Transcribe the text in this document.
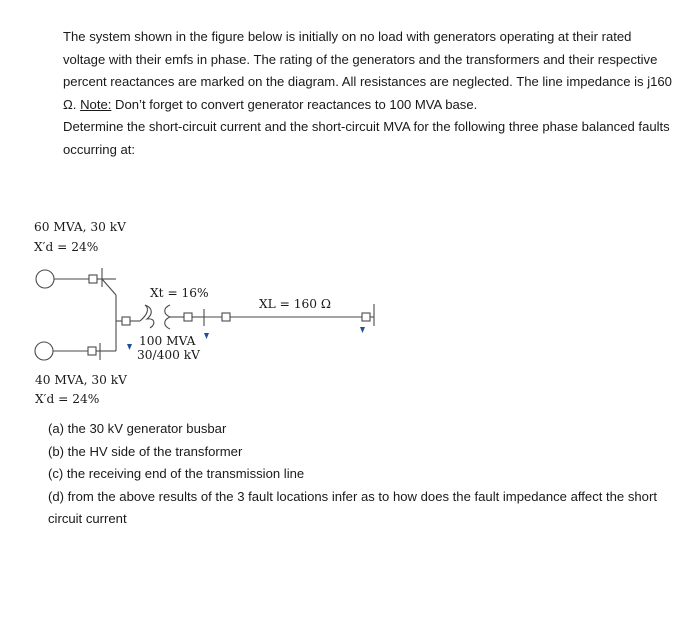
The system shown in the figure below is initially on no load with generators operating at their rated voltage with their emfs in phase. The rating of the generators and the transformers and their respective percent reactances are marked on the diagram. All resistances are neglected. The line impedance is j160 Ω. Note: Don’t forget to convert generator reactances to 100 MVA base.

Determine the short-circuit current and the short-circuit MVA for the following three phase balanced faults occurring at:

60 MVA, 30 kV
X′d = 24%
Xt = 16%
XL = 160 Ω
100 MVA
30/400 kV
40 MVA, 30 kV
X′d = 24%
(a) the 30 kV generator busbar
(b) the HV side of the transformer
(c) the receiving end of the transmission line
(d) from the above results of the 3 fault locations infer as to how does the fault impedance affect the short circuit current
